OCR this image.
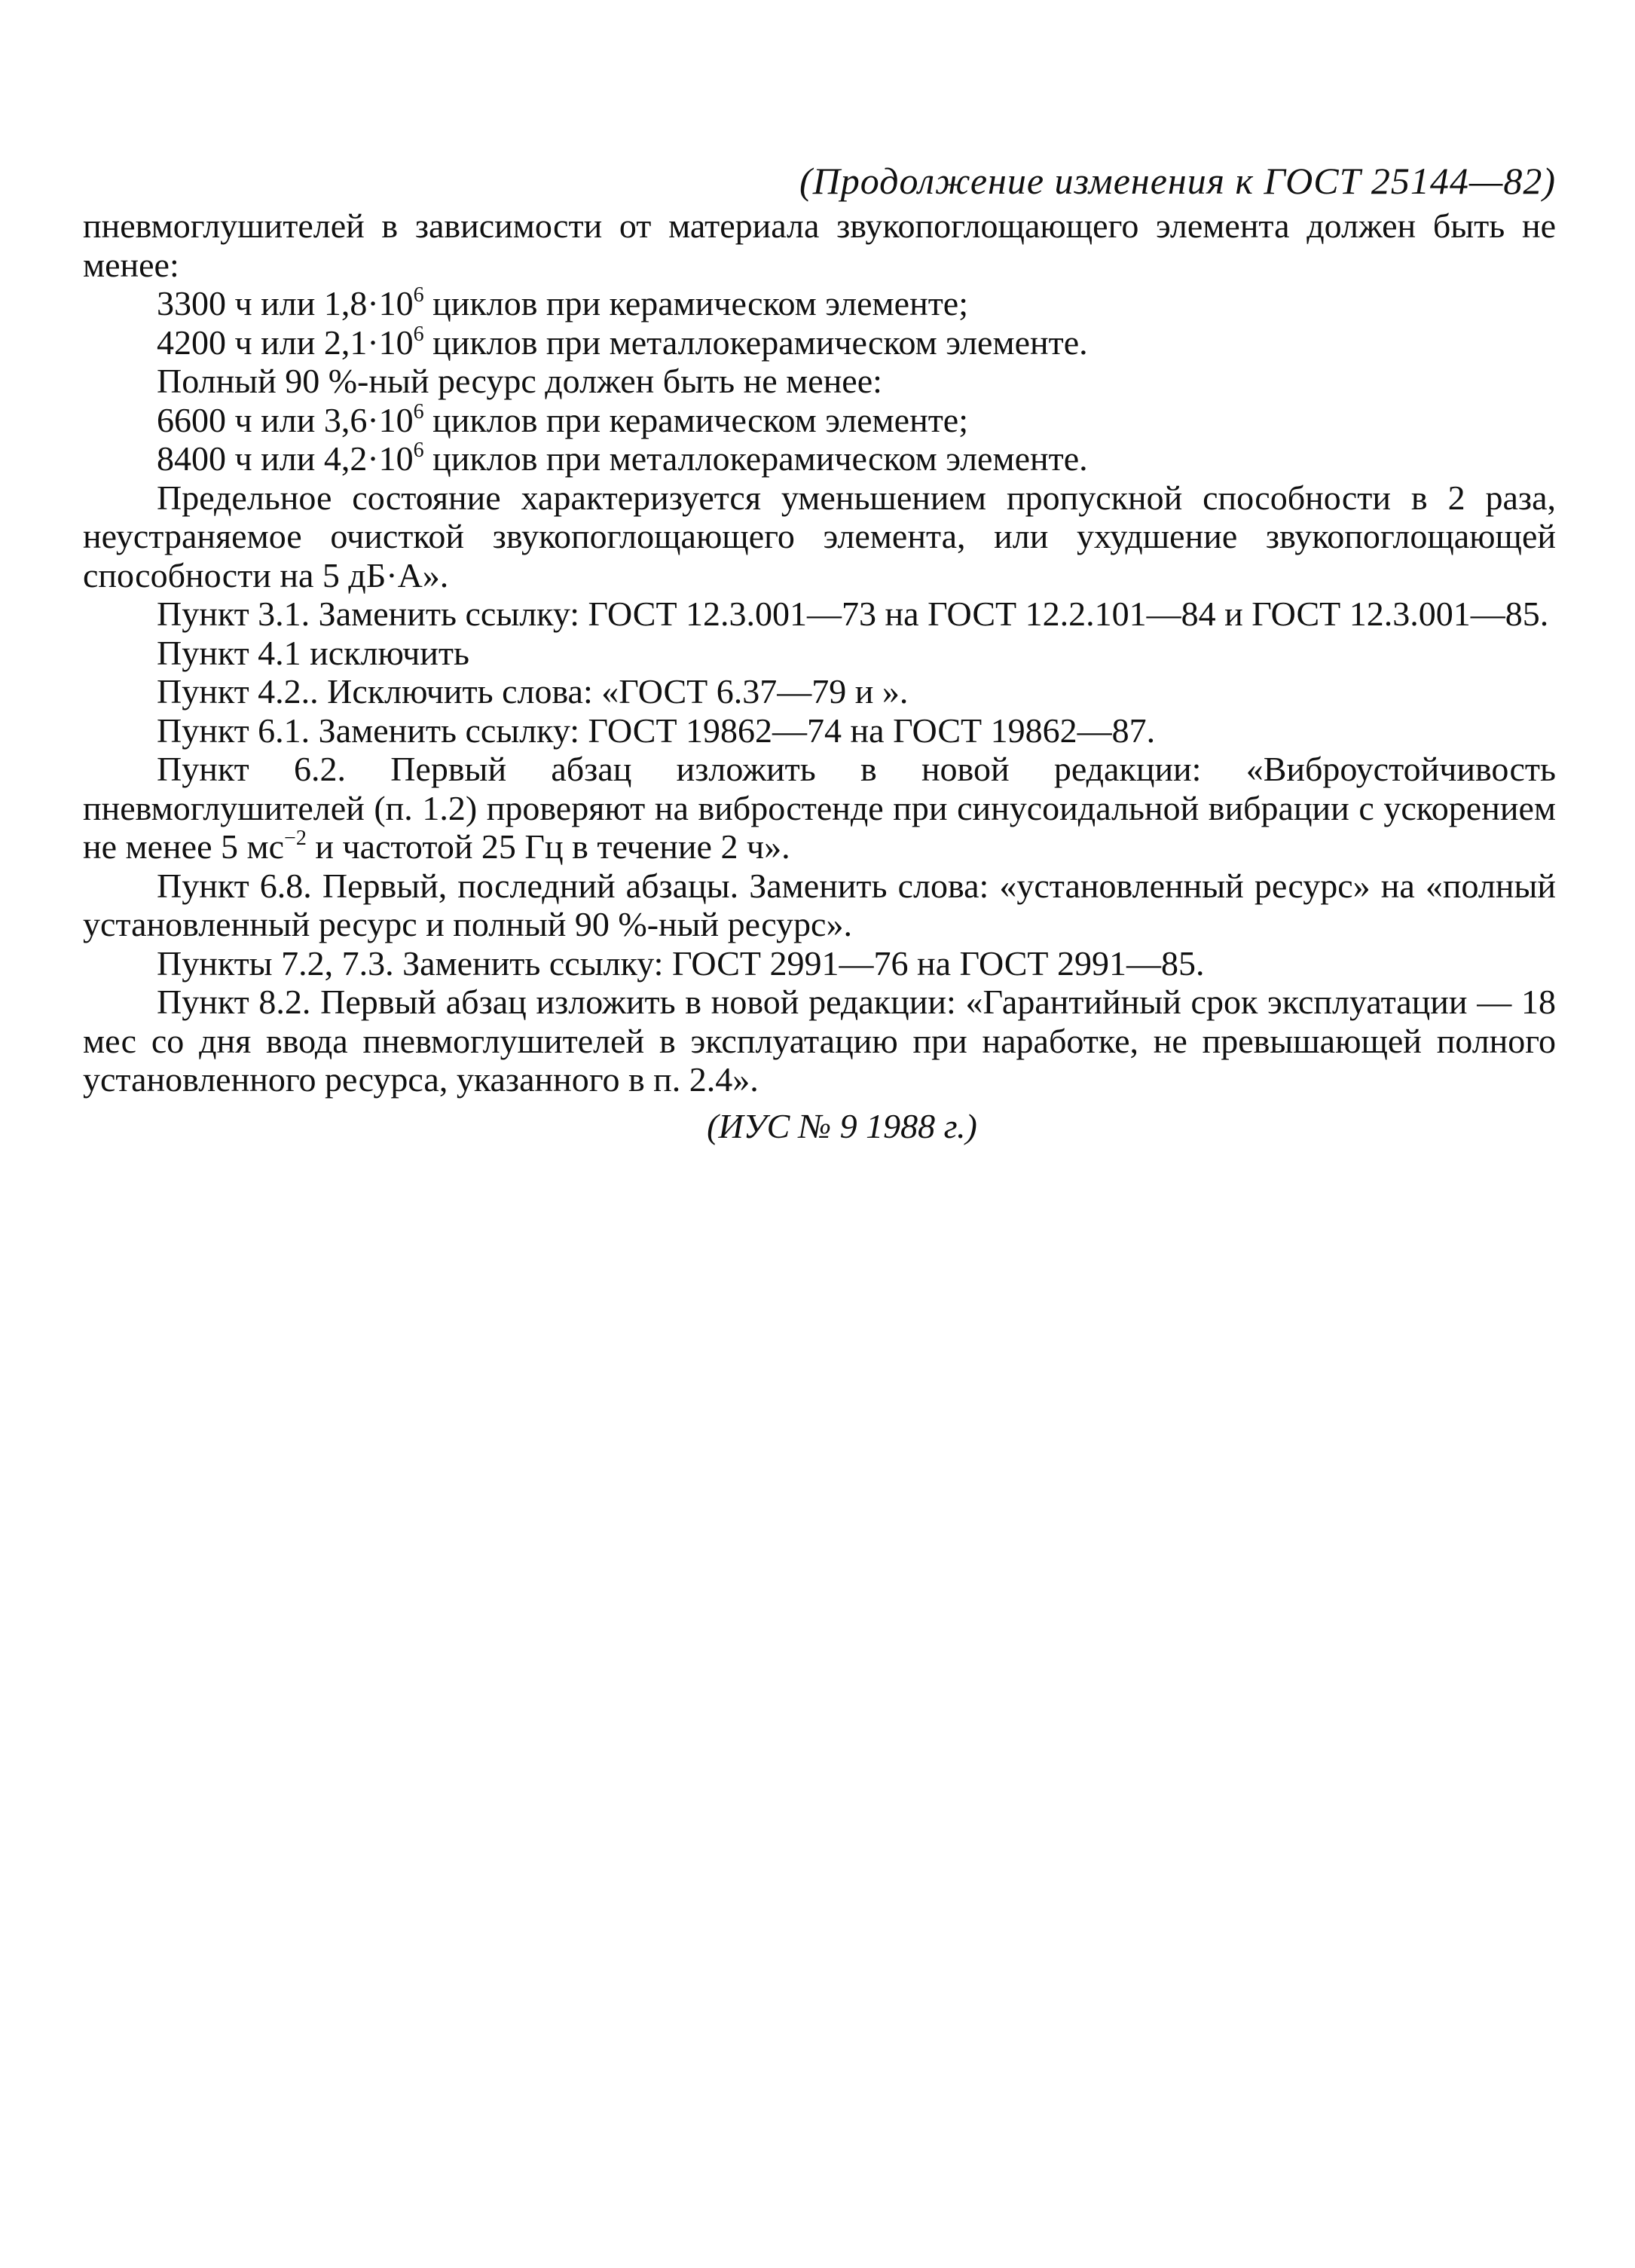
(Продолжение изменения к ГОСТ 25144—82)

пневмоглушителей в зависимости от материала звукопоглощающего элемента должен быть не менее:

3300 ч или $1,8\cdot 10^6$ циклов при керамическом элементе;

4200 ч или $2,1\cdot 10^6$ циклов при металлокерамическом элементе.

Полный 90 %-ный ресурс должен быть не менее:

6600 ч или $3,6\cdot 10^6$ циклов при керамическом элементе;

8400 ч или $4,2\cdot 10^6$ циклов при металлокерамическом элементе.

Предельное состояние характеризуется уменьшением пропускной способности в 2 раза, неустраняемое очисткой звукопоглощающего элемента, или ухудшение звукопоглощающей способности на 5 дБ·А».

Пункт 3.1. Заменить ссылку: ГОСТ 12.3.001—73 на ГОСТ 12.2.101—84 и ГОСТ 12.3.001—85.

Пункт 4.1 исключить

Пункт 4.2.. Исключить слова: «ГОСТ 6.37—79 и ».

Пункт 6.1. Заменить ссылку: ГОСТ 19862—74 на ГОСТ 19862—87.

Пункт 6.2. Первый абзац изложить в новой редакции: «Виброустойчивость пневмоглушителей (п. 1.2) проверяют на вибростенде при синусоидальной вибрации с ускорением не менее 5 $мс^{-2}$ и частотой 25 Гц в течение 2 ч».

Пункт 6.8. Первый, последний абзацы. Заменить слова: «установленный ресурс» на «полный установленный ресурс и полный 90 %-ный ресурс».

Пункты 7.2, 7.3. Заменить ссылку: ГОСТ 2991—76 на ГОСТ 2991—85.

Пункт 8.2. Первый абзац изложить в новой редакции: «Гарантийный срок эксплуатации — 18 мес со дня ввода пневмоглушителей в эксплуатацию при наработке, не превышающей полного установленного ресурса, указанного в п. 2.4».

(ИУС № 9 1988 г.)
